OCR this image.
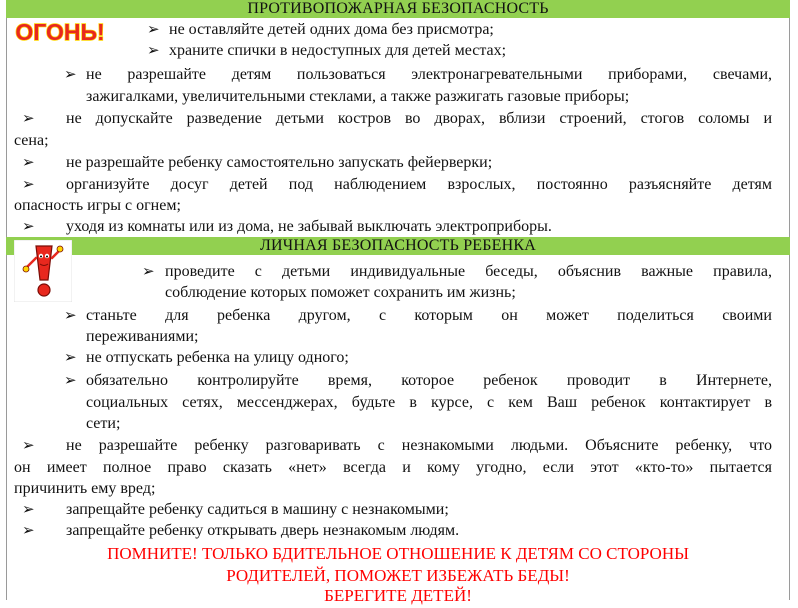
ОГОНЬ!
ПРОТИВОПОЖАРНАЯ БЕЗОПАСНОСТЬ
➢ не оставляйте детей одних дома без присмотра;
➢ храните спички в недоступных для детей местах;
➢ не разрешайте детям пользоваться электронагревательными приборами, свечами,
зажигалками, увеличительными стеклами, а также разжигать газовые приборы;
➢ не допускайте разведение детьми костров во дворах, вблизи строений, стогов соломы и
сена;
➢ не разрешайте ребенку самостоятельно запускать фейерверки;
➢ организуйте досуг детей под наблюдением взрослых, постоянно разъясняйте детям
опасность игры с огнем;
➢ уходя из комнаты или из дома, не забывай выключать электроприборы.
ЛИЧНАЯ БЕЗОПАСНОСТЬ РЕБЕНКА
➢ проведите с детьми индивидуальные беседы, объяснив важные правила,
соблюдение которых поможет сохранить им жизнь;
➢ станьте для ребенка другом, с которым он может поделиться своими
переживаниями;
➢ не отпускать ребенка на улицу одного;
➢ обязательно контролируйте время, которое ребенок проводит в Интернете,
социальных сетях, мессенджерах, будьте в курсе, с кем Ваш ребенок контактирует в
сети;
➢ не разрешайте ребенку разговаривать с незнакомыми людьми. Объясните ребенку, что
он имеет полное право сказать «нет» всегда и кому угодно, если этот «кто-то» пытается
причинить ему вред;
➢ запрещайте ребенку садиться в машину с незнакомыми;
➢ запрещайте ребенку открывать дверь незнакомым людям.
ПОМНИТЕ! ТОЛЬКО БДИТЕЛЬНОЕ ОТНОШЕНИЕ К ДЕТЯМ СО СТОРОНЫ
РОДИТЕЛЕЙ, ПОМОЖЕТ ИЗБЕЖАТЬ БЕДЫ!
БЕРЕГИТЕ ДЕТЕЙ!
